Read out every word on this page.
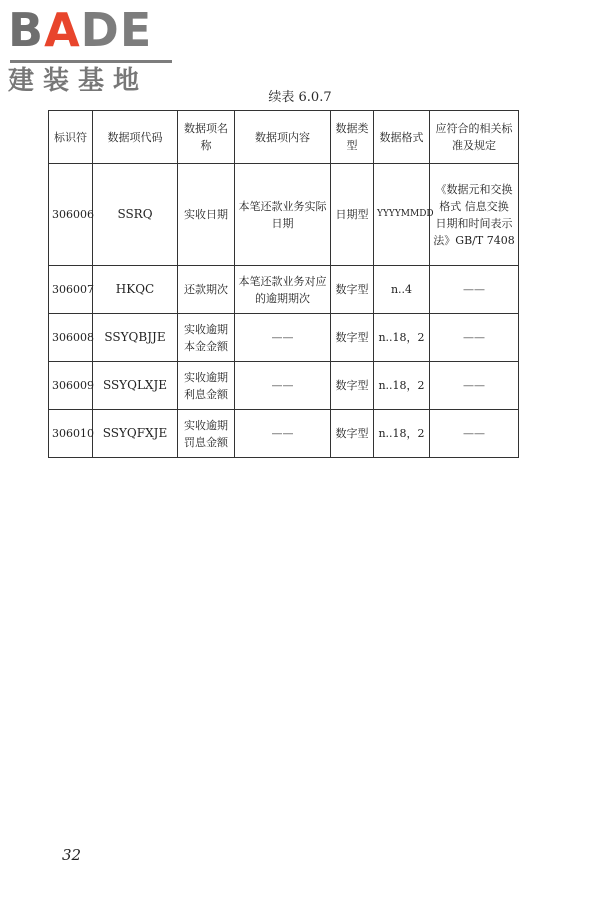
BADE
建装基地
续表 6.0.7
标识符	数据项代码	数据项名称	数据项内容	数据类型	数据格式	应符合的相关标准及规定
306006	SSRQ	实收日期	本笔还款业务实际日期	日期型	YYYYMMDD	《数据元和交换格式 信息交换 日期和时间表示法》GB/T 7408
306007	HKQC	还款期次	本笔还款业务对应的逾期期次	数字型	n..4	——
306008	SSYQBJJE	实收逾期本金金额	——	数字型	n..18，2	——
306009	SSYQLXJE	实收逾期利息金额	——	数字型	n..18，2	——
306010	SSYQFXJE	实收逾期罚息金额	——	数字型	n..18，2	——
32
